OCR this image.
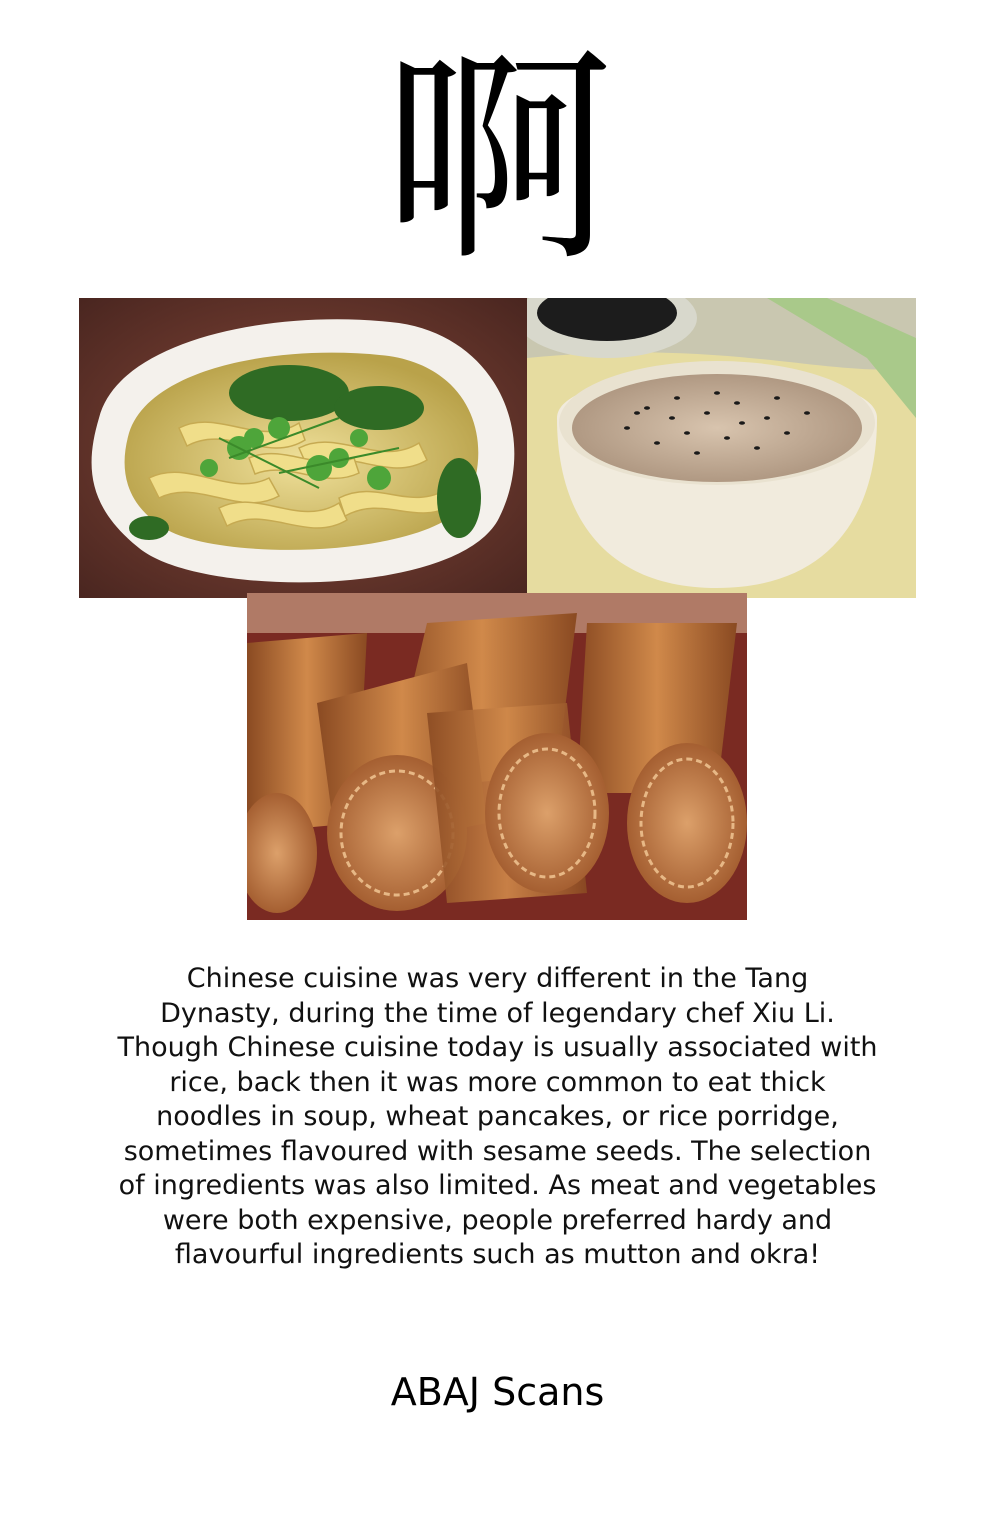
啊
Chinese cuisine was very different in the Tang
Dynasty, during the time of legendary chef Xiu Li.
Though Chinese cuisine today is usually associated with
rice, back then it was more common to eat thick
noodles in soup, wheat pancakes, or rice porridge,
sometimes flavoured with sesame seeds. The selection
of ingredients was also limited. As meat and vegetables
were both expensive, people preferred hardy and
flavourful ingredients such as mutton and okra!
ABAJ Scans
